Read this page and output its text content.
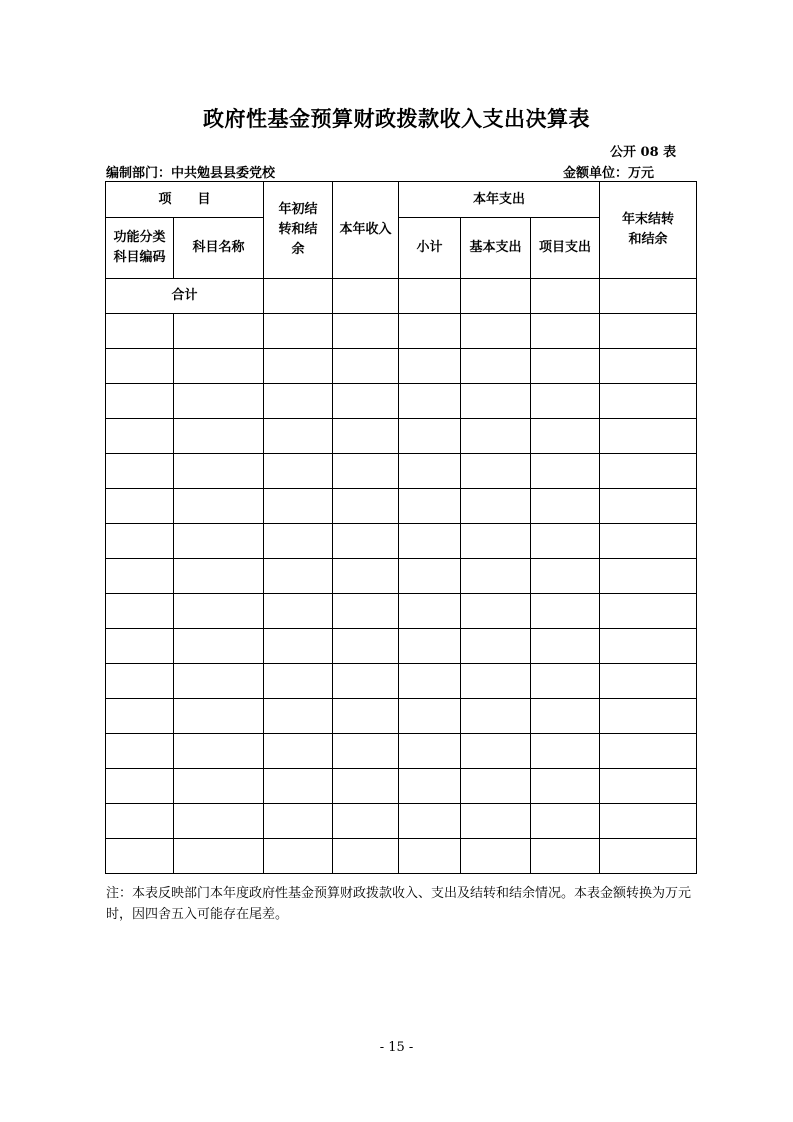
政府性基金预算财政拨款收入支出决算表
公开 08 表
编制部门：中共勉县县委党校	金额单位：万元
项　　目		年初结转和结余	本年收入	本年支出			年末结转和结余

功能分类科目编码	科目名称			小计	基本支出	项目支出	
合计							

注：本表反映部门本年度政府性基金预算财政拨款收入、支出及结转和结余情况。本表金额转换为万元时，因四舍五入可能存在尾差。
- 15 -
